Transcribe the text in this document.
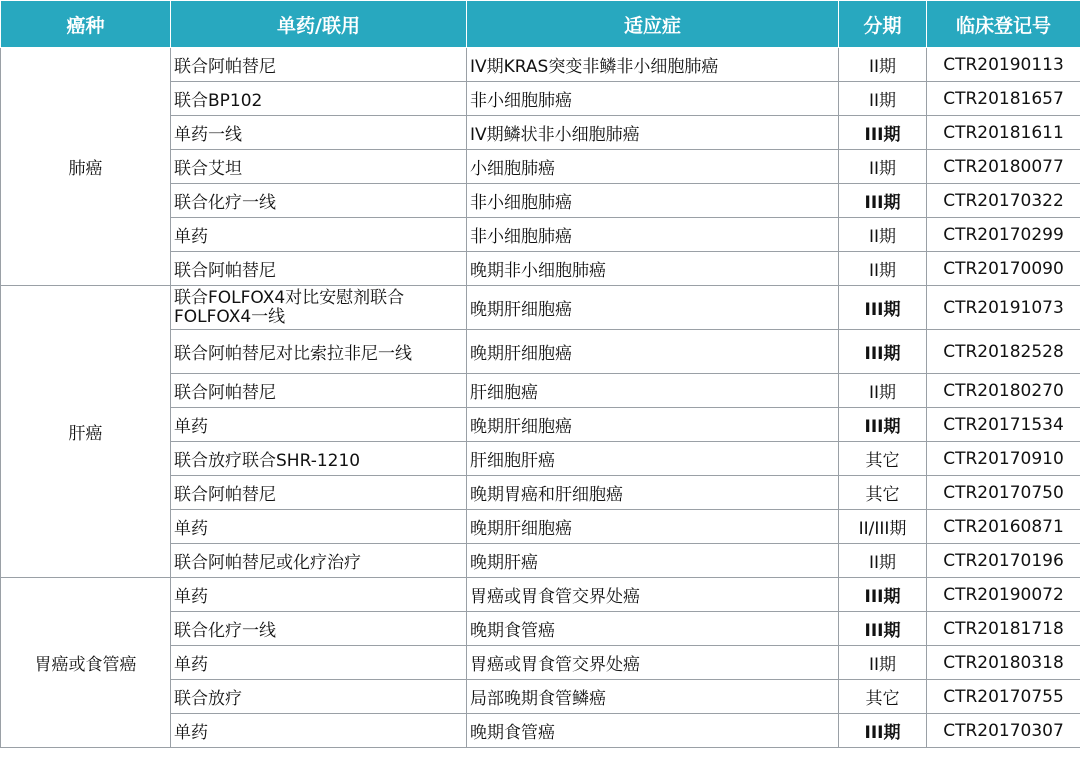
癌种	单药/联用	适应症	分期	临床登记号
肺癌	联合阿帕替尼	IV期KRAS突变非鳞非小细胞肺癌	II期	CTR20190113
	联合BP102	非小细胞肺癌	II期	CTR20181657
	单药一线	IV期鳞状非小细胞肺癌	III期	CTR20181611
	联合艾坦	小细胞肺癌	II期	CTR20180077
	联合化疗一线	非小细胞肺癌	III期	CTR20170322
	单药	非小细胞肺癌	II期	CTR20170299
	联合阿帕替尼	晚期非小细胞肺癌	II期	CTR20170090
肝癌	联合FOLFOX4对比安慰剂联合FOLFOX4一线	晚期肝细胞癌	III期	CTR20191073
	联合阿帕替尼对比索拉非尼一线	晚期肝细胞癌	III期	CTR20182528
	联合阿帕替尼	肝细胞癌	II期	CTR20180270
	单药	晚期肝细胞癌	III期	CTR20171534
	联合放疗联合SHR-1210	肝细胞肝癌	其它	CTR20170910
	联合阿帕替尼	晚期胃癌和肝细胞癌	其它	CTR20170750
	单药	晚期肝细胞癌	II/III期	CTR20160871
	联合阿帕替尼或化疗治疗	晚期肝癌	II期	CTR20170196
胃癌或食管癌	单药	胃癌或胃食管交界处癌	III期	CTR20190072
	联合化疗一线	晚期食管癌	III期	CTR20181718
	单药	胃癌或胃食管交界处癌	II期	CTR20180318
	联合放疗	局部晚期食管鳞癌	其它	CTR20170755
	单药	晚期食管癌	III期	CTR20170307
